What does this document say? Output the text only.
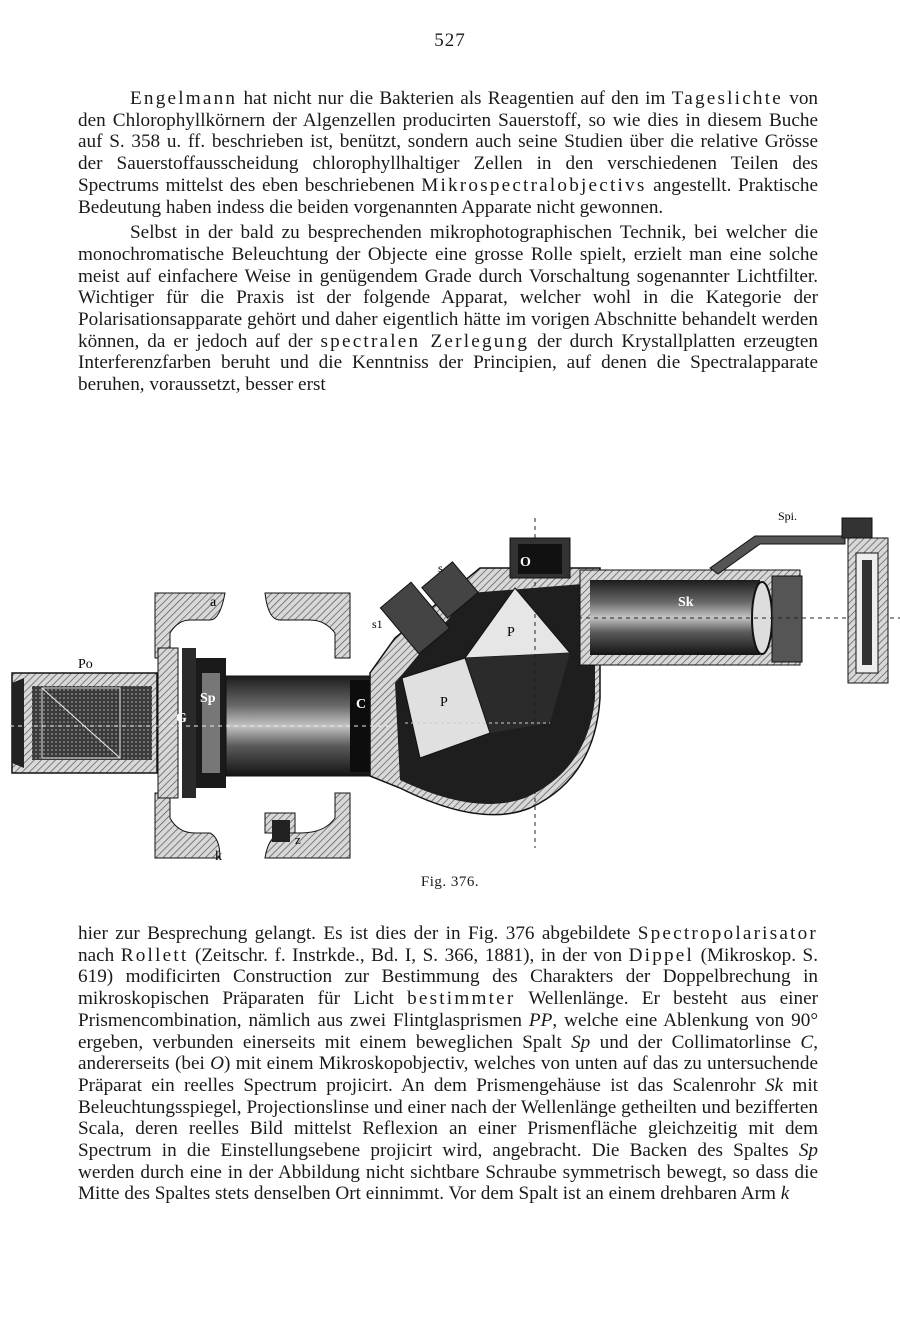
527

Engelmann hat nicht nur die Bakterien als Reagentien auf den im Tageslichte von den Chlorophyllkörnern der Algenzellen producirten Sauerstoff, so wie dies in diesem Buche auf S. 358 u. ff. beschrieben ist, benützt, sondern auch seine Studien über die relative Grösse der Sauerstoffausscheidung chlorophyllhaltiger Zellen in den verschiedenen Teilen des Spectrums mittelst des eben beschriebenen Mikrospectralobjectivs angestellt. Praktische Bedeutung haben indess die beiden vorgenannten Apparate nicht gewonnen.

Selbst in der bald zu besprechenden mikrophotographischen Technik, bei welcher die monochromatische Beleuchtung der Objecte eine grosse Rolle spielt, erzielt man eine solche meist auf einfachere Weise in genügendem Grade durch Vorschaltung sogenannter Lichtfilter. Wichtiger für die Praxis ist der folgende Apparat, welcher wohl in die Kategorie der Polarisationsapparate gehört und daher eigentlich hätte im vorigen Abschnitte behandelt werden können, da er jedoch auf der spectralen Zerlegung der durch Krystallplatten erzeugten Interferenzfarben beruht und die Kenntniss der Principien, auf denen die Spectralapparate beruhen, voraussetzt, besser erst

Po
G
Sp	C
a
k
z
s1
s
P
P
O
Sk
Spi.
Fig. 376.

hier zur Besprechung gelangt. Es ist dies der in Fig. 376 abgebildete Spectropolarisator nach Rollett (Zeitschr. f. Instrkde., Bd. I, S. 366, 1881), in der von Dippel (Mikroskop. S. 619) modificirten Construction zur Bestimmung des Charakters der Doppelbrechung in mikroskopischen Präparaten für Licht bestimmter Wellenlänge. Er besteht aus einer Prismencombination, nämlich aus zwei Flintglasprismen PP, welche eine Ablenkung von 90° ergeben, verbunden einerseits mit einem beweglichen Spalt Sp und der Collimatorlinse C, andererseits (bei O) mit einem Mikroskopobjectiv, welches von unten auf das zu untersuchende Präparat ein reelles Spectrum projicirt. An dem Prismengehäuse ist das Scalenrohr Sk mit Beleuchtungsspiegel, Projectionslinse und einer nach der Wellenlänge getheilten und bezifferten Scala, deren reelles Bild mittelst Reflexion an einer Prismenfläche gleichzeitig mit dem Spectrum in die Einstellungsebene projicirt wird, angebracht. Die Backen des Spaltes Sp werden durch eine in der Abbildung nicht sichtbare Schraube symmetrisch bewegt, so dass die Mitte des Spaltes stets denselben Ort einnimmt. Vor dem Spalt ist an einem drehbaren Arm k
